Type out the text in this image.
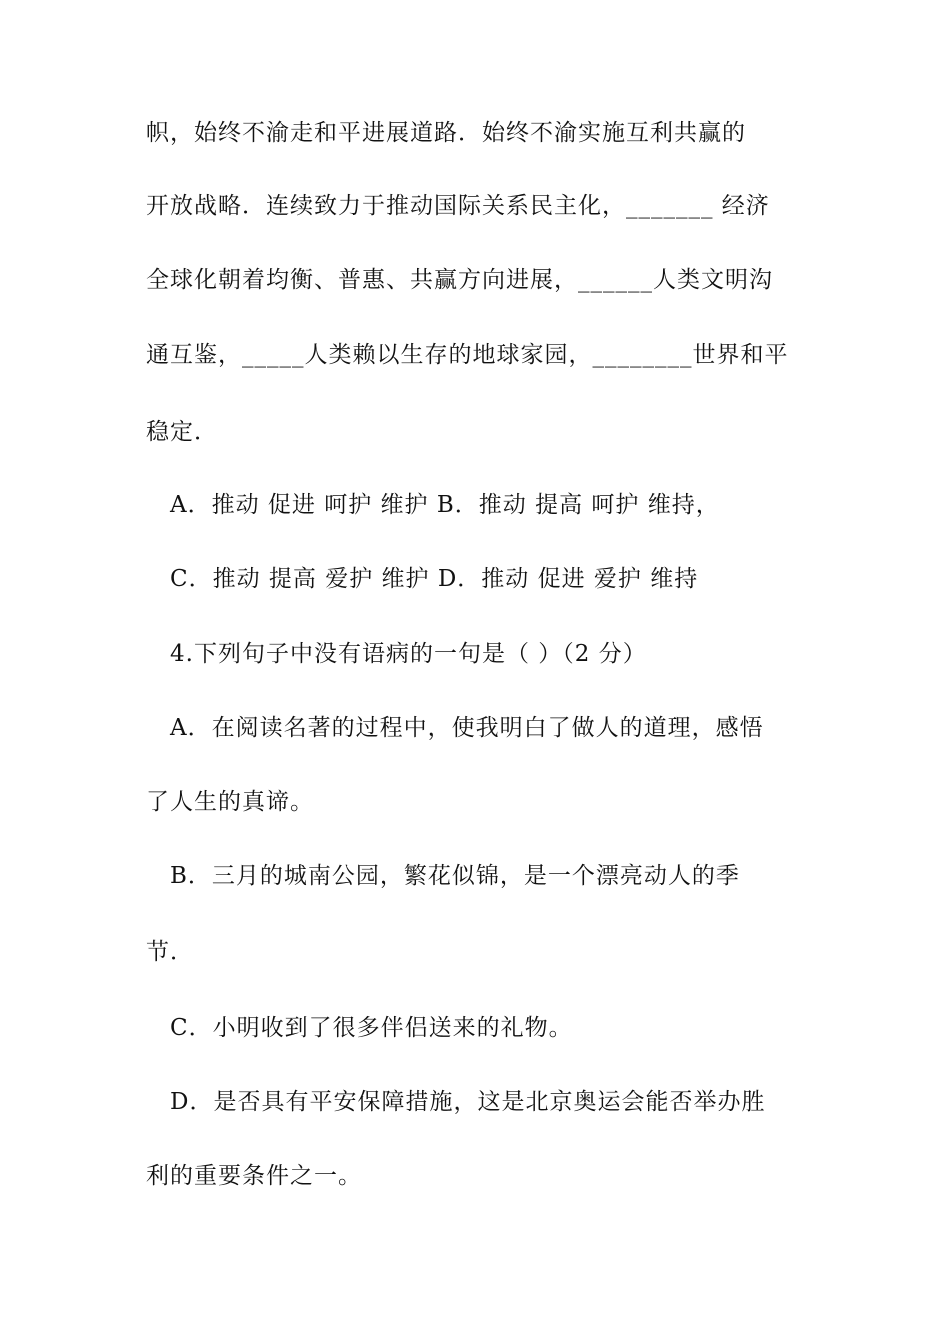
帜，始终不渝走和平进展道路．始终不渝实施互利共赢的
开放战略．连续致力于推动国际关系民主化，_______ 经济
全球化朝着均衡、普惠、共赢方向进展，______人类文明沟
通互鉴，_____人类赖以生存的地球家园，________世界和平
稳定．
A．推动 促进 呵护 维护 B．推动 提高 呵护 维持，
C．推动 提高 爱护 维护 D．推动 促进 爱护 维持
4.下列句子中没有语病的一句是（ ）（2 分）
A．在阅读名著的过程中，使我明白了做人的道理，感悟
了人生的真谛。
B．三月的城南公园，繁花似锦，是一个漂亮动人的季
节．
C．小明收到了很多伴侣送来的礼物。
D．是否具有平安保障措施，这是北京奥运会能否举办胜
利的重要条件之一。
